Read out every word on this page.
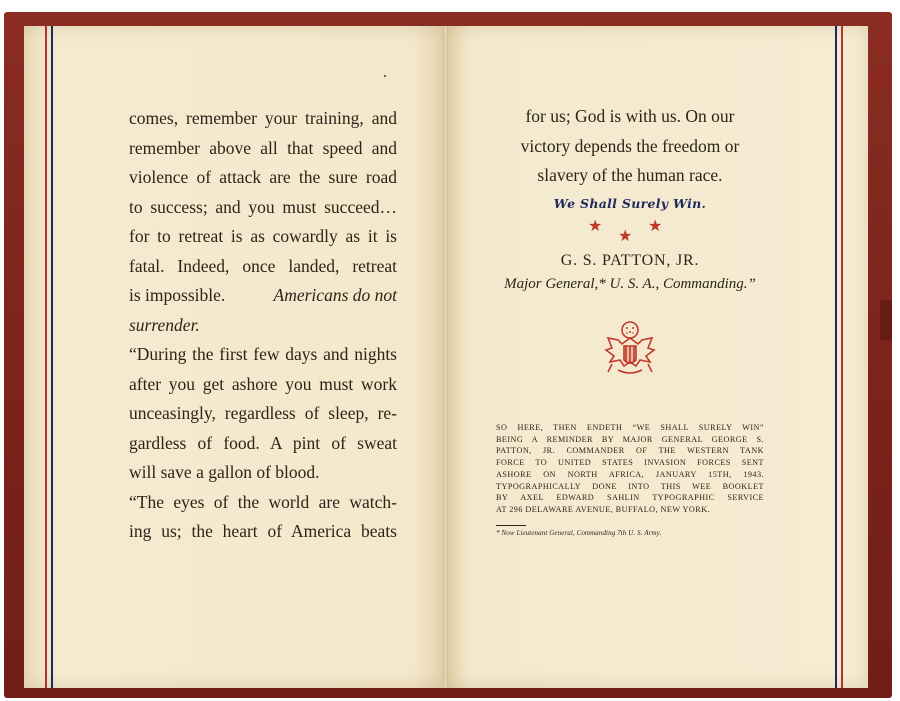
comes, remember your training, and
remember above all that speed and
violence of attack are the sure road
to success; and you must succeed…
for to retreat is as cowardly as it is
fatal. Indeed, once landed, retreat
is impossible.	Americans do not
surrender.
“During the first few days and nights
after you get ashore you must work
unceasingly, regardless of sleep, re-
gardless of food. A pint of sweat
will save a gallon of blood.
“The eyes of the world are watch-
ing us; the heart of America beats
for us; God is with us. On our
victory depends the freedom or
slavery of the human race.
We Shall Surely Win.
★
★
★
G. S. PATTON, JR.
Major General,* U. S. A., Commanding.”
SO HERE, THEN ENDETH “WE SHALL SURELY WIN”
BEING A REMINDER BY MAJOR GENERAL GEORGE S.
PATTON, JR. COMMANDER OF THE WESTERN TANK
FORCE TO UNITED STATES INVASION FORCES SENT
ASHORE ON NORTH AFRICA, JANUARY 15TH, 1943.
TYPOGRAPHICALLY DONE INTO THIS WEE BOOKLET
BY AXEL EDWARD SAHLIN TYPOGRAPHIC SERVICE
AT 296 DELAWARE AVENUE, BUFFALO, NEW YORK.
* Now Lieutenant General, Commanding 7th U. S. Army.
